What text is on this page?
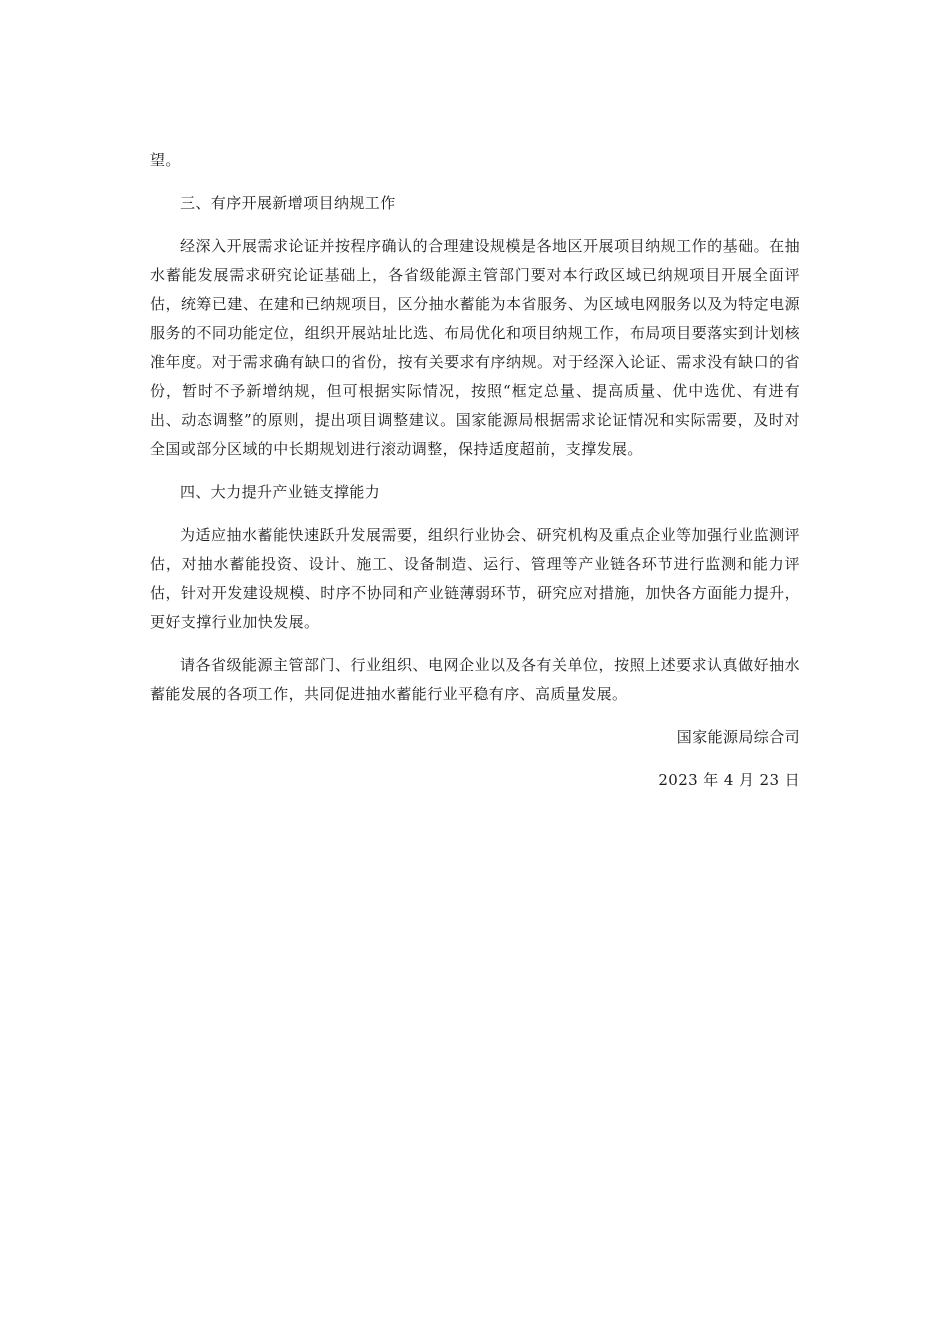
望。

三、有序开展新增项目纳规工作

经深入开展需求论证并按程序确认的合理建设规模是各地区开展项目纳规工作的基础。在抽水蓄能发展需求研究论证基础上，各省级能源主管部门要对本行政区域已纳规项目开展全面评估，统筹已建、在建和已纳规项目，区分抽水蓄能为本省服务、为区域电网服务以及为特定电源服务的不同功能定位，组织开展站址比选、布局优化和项目纳规工作，布局项目要落实到计划核准年度。对于需求确有缺口的省份，按有关要求有序纳规。对于经深入论证、需求没有缺口的省份，暂时不予新增纳规，但可根据实际情况，按照“框定总量、提高质量、优中选优、有进有出、动态调整”的原则，提出项目调整建议。国家能源局根据需求论证情况和实际需要，及时对全国或部分区域的中长期规划进行滚动调整，保持适度超前，支撑发展。

四、大力提升产业链支撑能力

为适应抽水蓄能快速跃升发展需要，组织行业协会、研究机构及重点企业等加强行业监测评估，对抽水蓄能投资、设计、施工、设备制造、运行、管理等产业链各环节进行监测和能力评估，针对开发建设规模、时序不协同和产业链薄弱环节，研究应对措施，加快各方面能力提升，更好支撑行业加快发展。

请各省级能源主管部门、行业组织、电网企业以及各有关单位，按照上述要求认真做好抽水蓄能发展的各项工作，共同促进抽水蓄能行业平稳有序、高质量发展。

国家能源局综合司

2023 年 4 月 23 日
